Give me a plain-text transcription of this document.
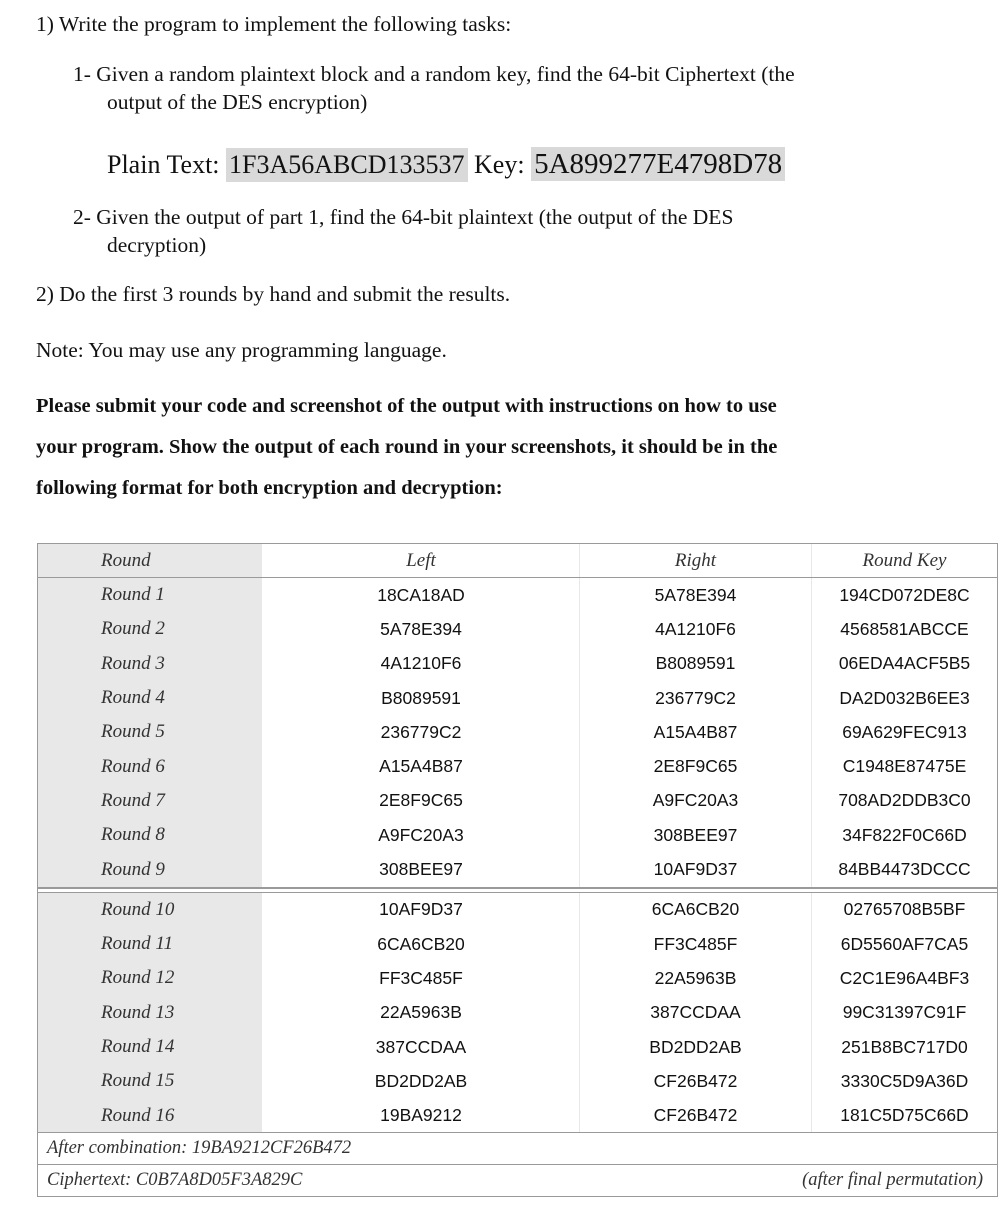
1) Write the program to implement the following tasks:
1- Given a random plaintext block and a random key, find the 64-bit Ciphertext (the
output of the DES encryption)
Plain Text: 1F3A56ABCD133537 Key: 5A899277E4798D78
2- Given the output of part 1, find the 64-bit plaintext (the output of the DES
decryption)
2) Do the first 3 rounds by hand and submit the results.
Note: You may use any programming language.
Please submit your code and screenshot of the output with instructions on how to use
your program. Show the output of each round in your screenshots, it should be in the
following format for both encryption and decryption:
Round	Left	Right	Round Key
Round 1	18CA18AD	5A78E394	194CD072DE8C
Round 2	5A78E394	4A1210F6	4568581ABCCE
Round 3	4A1210F6	B8089591	06EDA4ACF5B5
Round 4	B8089591	236779C2	DA2D032B6EE3
Round 5	236779C2	A15A4B87	69A629FEC913
Round 6	A15A4B87	2E8F9C65	C1948E87475E
Round 7	2E8F9C65	A9FC20A3	708AD2DDB3C0
Round 8	A9FC20A3	308BEE97	34F822F0C66D
Round 9	308BEE97	10AF9D37	84BB4473DCCC
Round 10	10AF9D37	6CA6CB20	02765708B5BF
Round 11	6CA6CB20	FF3C485F	6D5560AF7CA5
Round 12	FF3C485F	22A5963B	C2C1E96A4BF3
Round 13	22A5963B	387CCDAA	99C31397C91F
Round 14	387CCDAA	BD2DD2AB	251B8BC717D0
Round 15	BD2DD2AB	CF26B472	3330C5D9A36D
Round 16	19BA9212	CF26B472	181C5D75C66D
After combination: 19BA9212CF26B472
Ciphertext: C0B7A8D05F3A829C	(after final permutation)
